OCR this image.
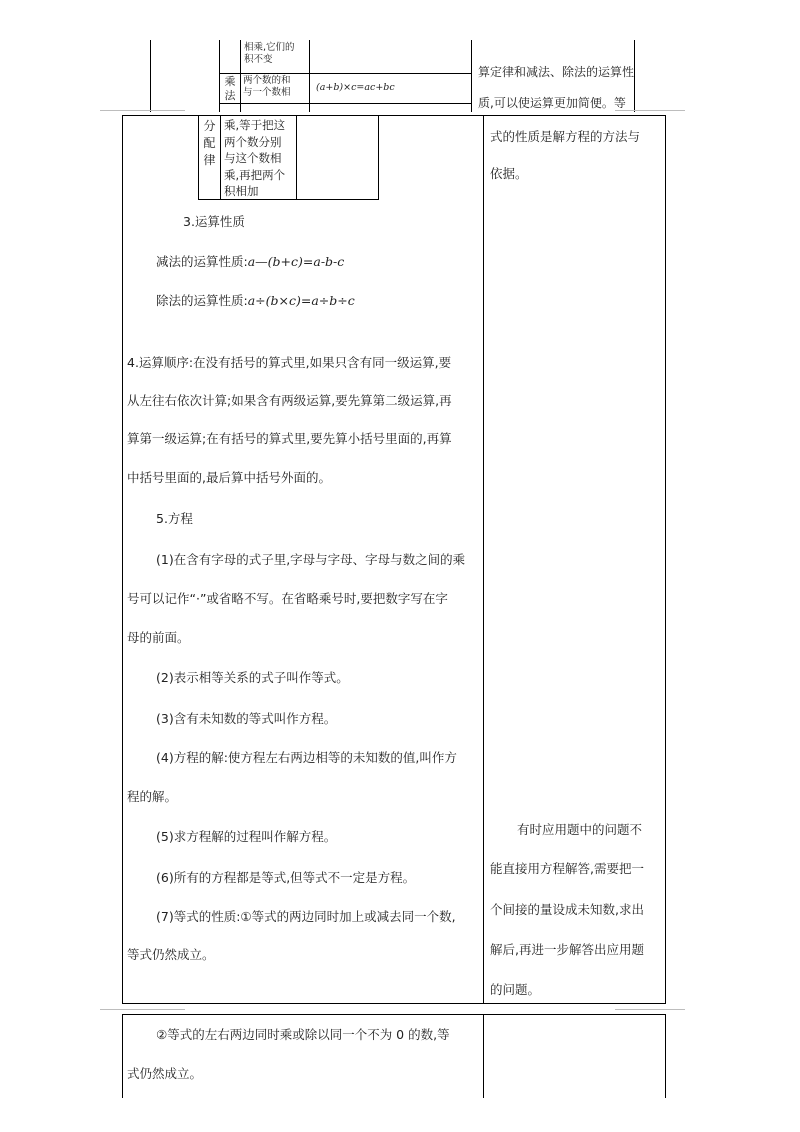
相乘,它们的
积不变
乘
法
两个数的和
与一个数相	(a+b)×c=ac+bc
算定律和减法、除法的运算性
质,可以使运算更加简便。等
分
配
律
乘,等于把这
两个数分别
与这个数相
乘,再把两个
积相加
式的性质是解方程的方法与
依据。
3.运算性质
减法的运算性质:a—(b+c)=a-b-c
除法的运算性质:a÷(b×c)=a÷b÷c
4.运算顺序:在没有括号的算式里,如果只含有同一级运算,要
从左往右依次计算;如果含有两级运算,要先算第二级运算,再
算第一级运算;在有括号的算式里,要先算小括号里面的,再算
中括号里面的,最后算中括号外面的。
5.方程
(1)在含有字母的式子里,字母与字母、字母与数之间的乘
号可以记作“·”或省略不写。在省略乘号时,要把数字写在字
母的前面。
(2)表示相等关系的式子叫作等式。
(3)含有未知数的等式叫作方程。
(4)方程的解:使方程左右两边相等的未知数的值,叫作方
程的解。
(5)求方程解的过程叫作解方程。
(6)所有的方程都是等式,但等式不一定是方程。
(7)等式的性质:①等式的两边同时加上或减去同一个数,
等式仍然成立。
有时应用题中的问题不
能直接用方程解答,需要把一
个间接的量设成未知数,求出
解后,再进一步解答出应用题
的问题。
②等式的左右两边同时乘或除以同一个不为 0 的数,等
式仍然成立。
